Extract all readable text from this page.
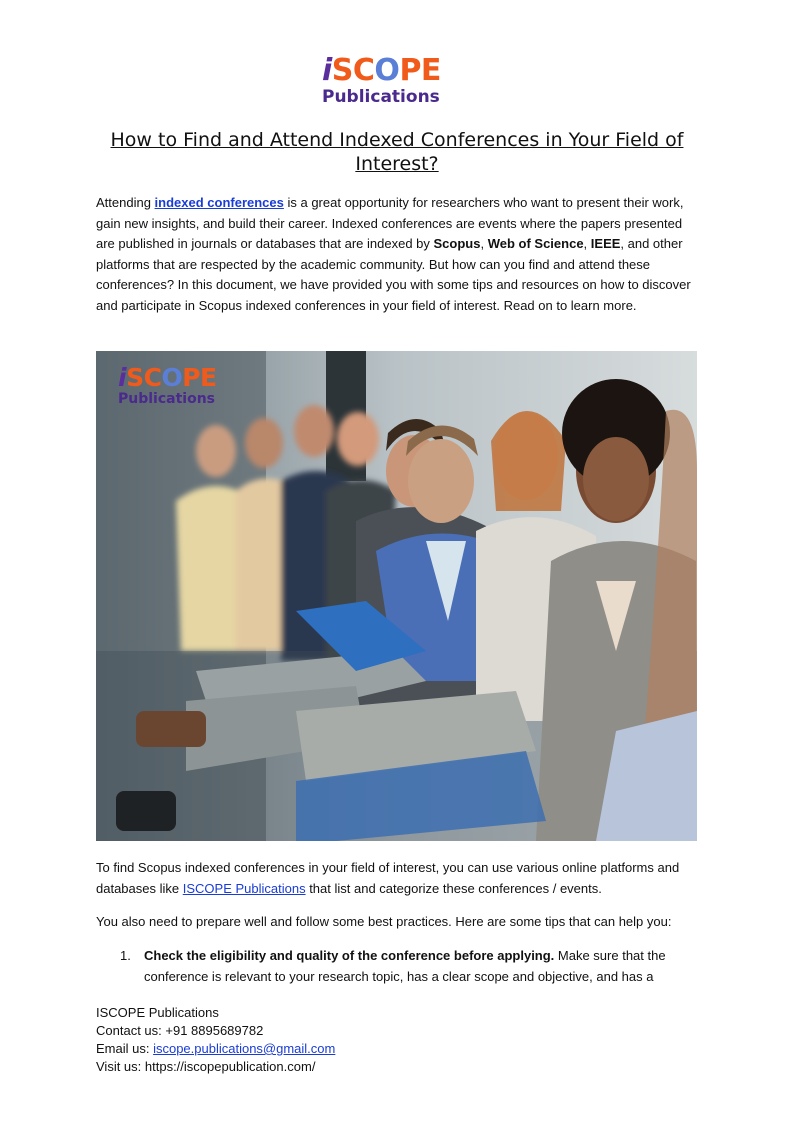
iSCOPE
Publications
How to Find and Attend Indexed Conferences in Your Field of Interest?

Attending indexed conferences is a great opportunity for researchers who want to present their work, gain new insights, and build their career. Indexed conferences are events where the papers presented are published in journals or databases that are indexed by Scopus, Web of Science, IEEE, and other platforms that are respected by the academic community. But how can you find and attend these conferences? In this document, we have provided you with some tips and resources on how to discover and participate in Scopus indexed conferences in your field of interest. Read on to learn more.

iSCOPE
Publications

To find Scopus indexed conferences in your field of interest, you can use various online platforms and databases like ISCOPE Publications that list and categorize these conferences / events.

You also need to prepare well and follow some best practices. Here are some tips that can help you:

1. Check the eligibility and quality of the conference before applying. Make sure that the conference is relevant to your research topic, has a clear scope and objective, and has a
ISCOPE Publications
Contact us: +91 8895689782
Email us: iscope.publications@gmail.com
Visit us: https://iscopepublication.com/
